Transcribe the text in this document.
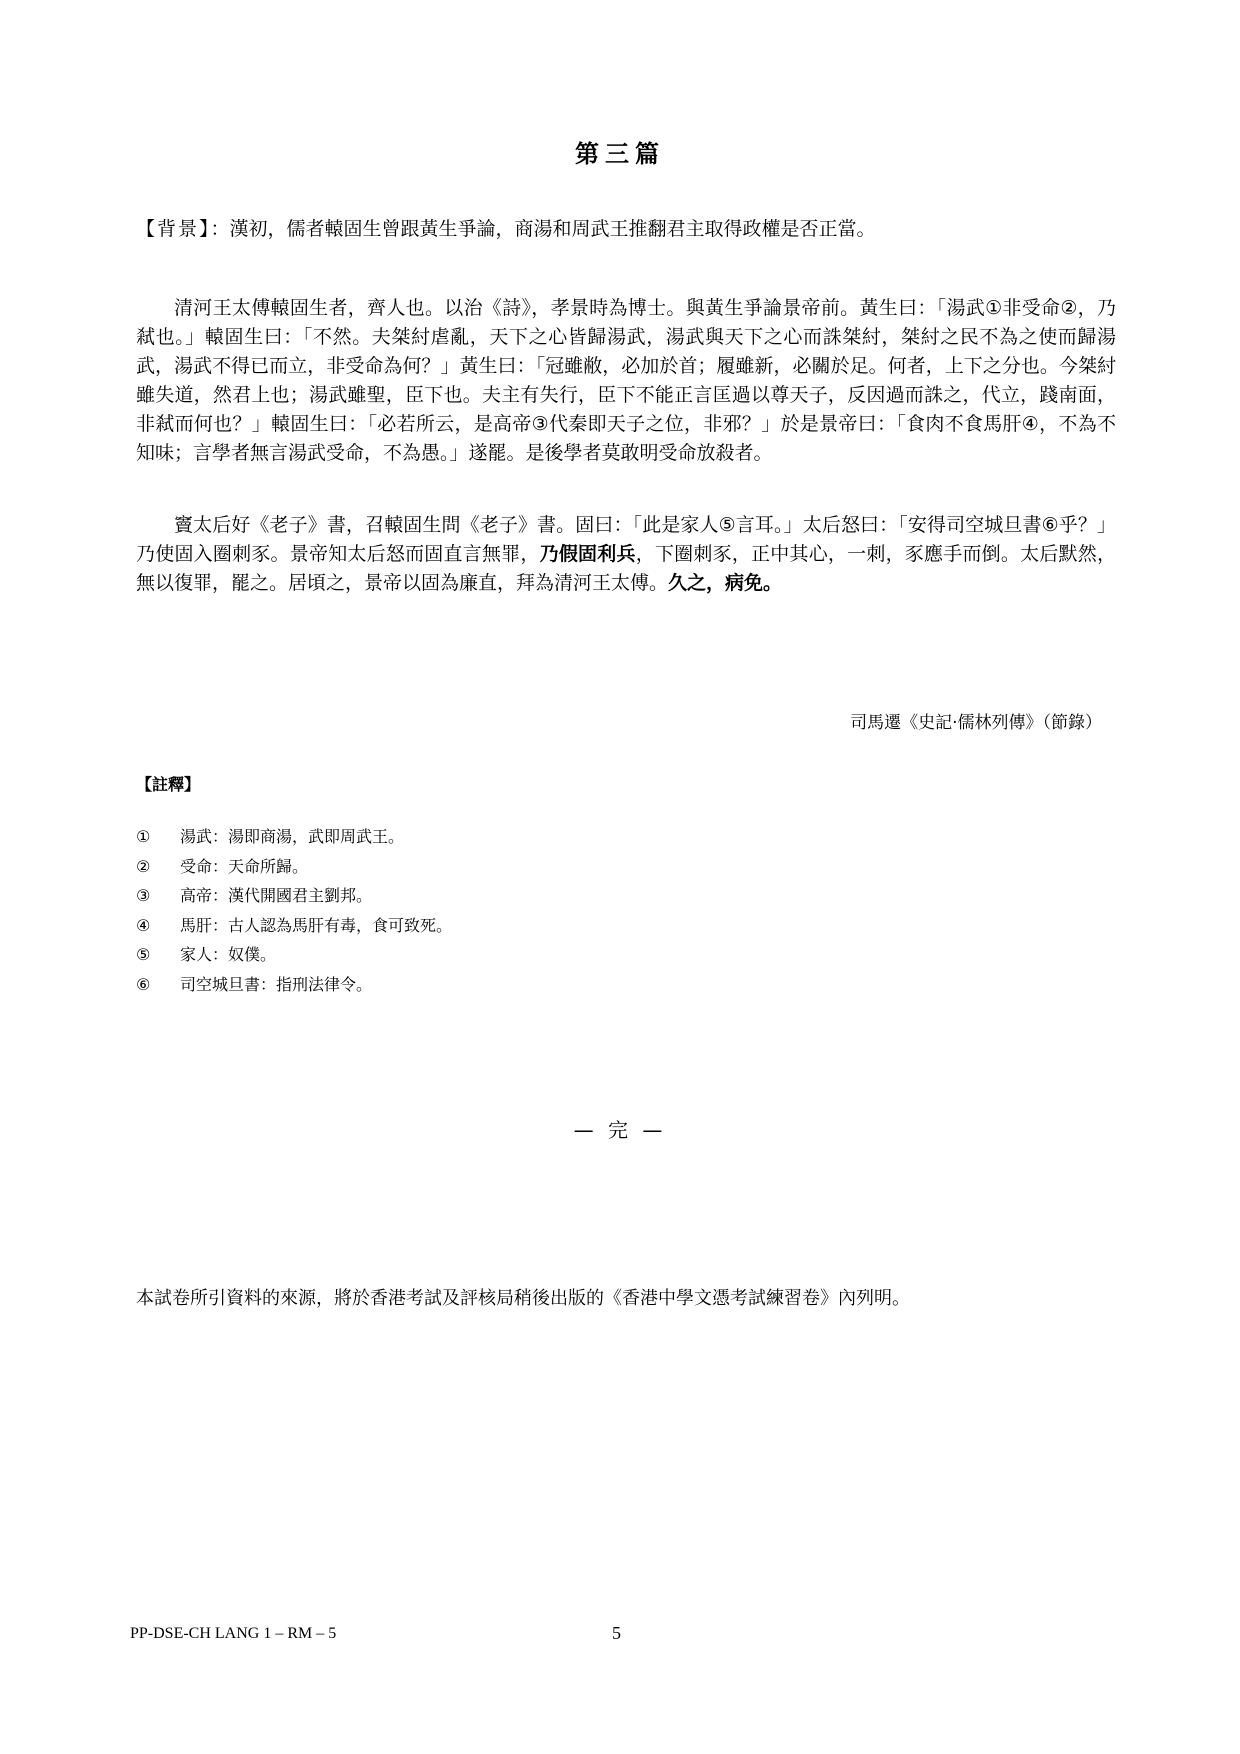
第三篇
【背景】：漢初，儒者轅固生曾跟黃生爭論，商湯和周武王推翻君主取得政權是否正當。
清河王太傅轅固生者，齊人也。以治《詩》，孝景時為博士。與黃生爭論景帝前。黃生曰：「湯武①非受命②，乃弒也。」轅固生曰：「不然。夫桀紂虐亂，天下之心皆歸湯武，湯武與天下之心而誅桀紂，桀紂之民不為之使而歸湯武，湯武不得已而立，非受命為何？」黃生曰：「冠雖敝，必加於首；履雖新，必關於足。何者，上下之分也。今桀紂雖失道，然君上也；湯武雖聖，臣下也。夫主有失行，臣下不能正言匡過以尊天子，反因過而誅之，代立，踐南面，非弒而何也？」轅固生曰：「必若所云，是高帝③代秦即天子之位，非邪？」於是景帝曰：「食肉不食馬肝④，不為不知味；言學者無言湯武受命，不為愚。」遂罷。是後學者莫敢明受命放殺者。
竇太后好《老子》書，召轅固生問《老子》書。固曰：「此是家人⑤言耳。」太后怒曰：「安得司空城旦書⑥乎？」乃使固入圈刺豕。景帝知太后怒而固直言無罪，乃假固利兵，下圈刺豕，正中其心，一刺，豕應手而倒。太后默然，無以復罪，罷之。居頃之，景帝以固為廉直，拜為清河王太傅。久之，病免。
司馬遷《史記‧儒林列傳》（節錄）
【註釋】
①	湯武：湯即商湯，武即周武王。
②	受命：天命所歸。
③	高帝：漢代開國君主劉邦。
④	馬肝：古人認為馬肝有毒，食可致死。
⑤	家人：奴僕。
⑥	司空城旦書：指刑法律令。
— 完 —
本試卷所引資料的來源，將於香港考試及評核局稍後出版的《香港中學文憑考試練習卷》內列明。
PP-DSE-CH LANG 1 – RM – 5	5
